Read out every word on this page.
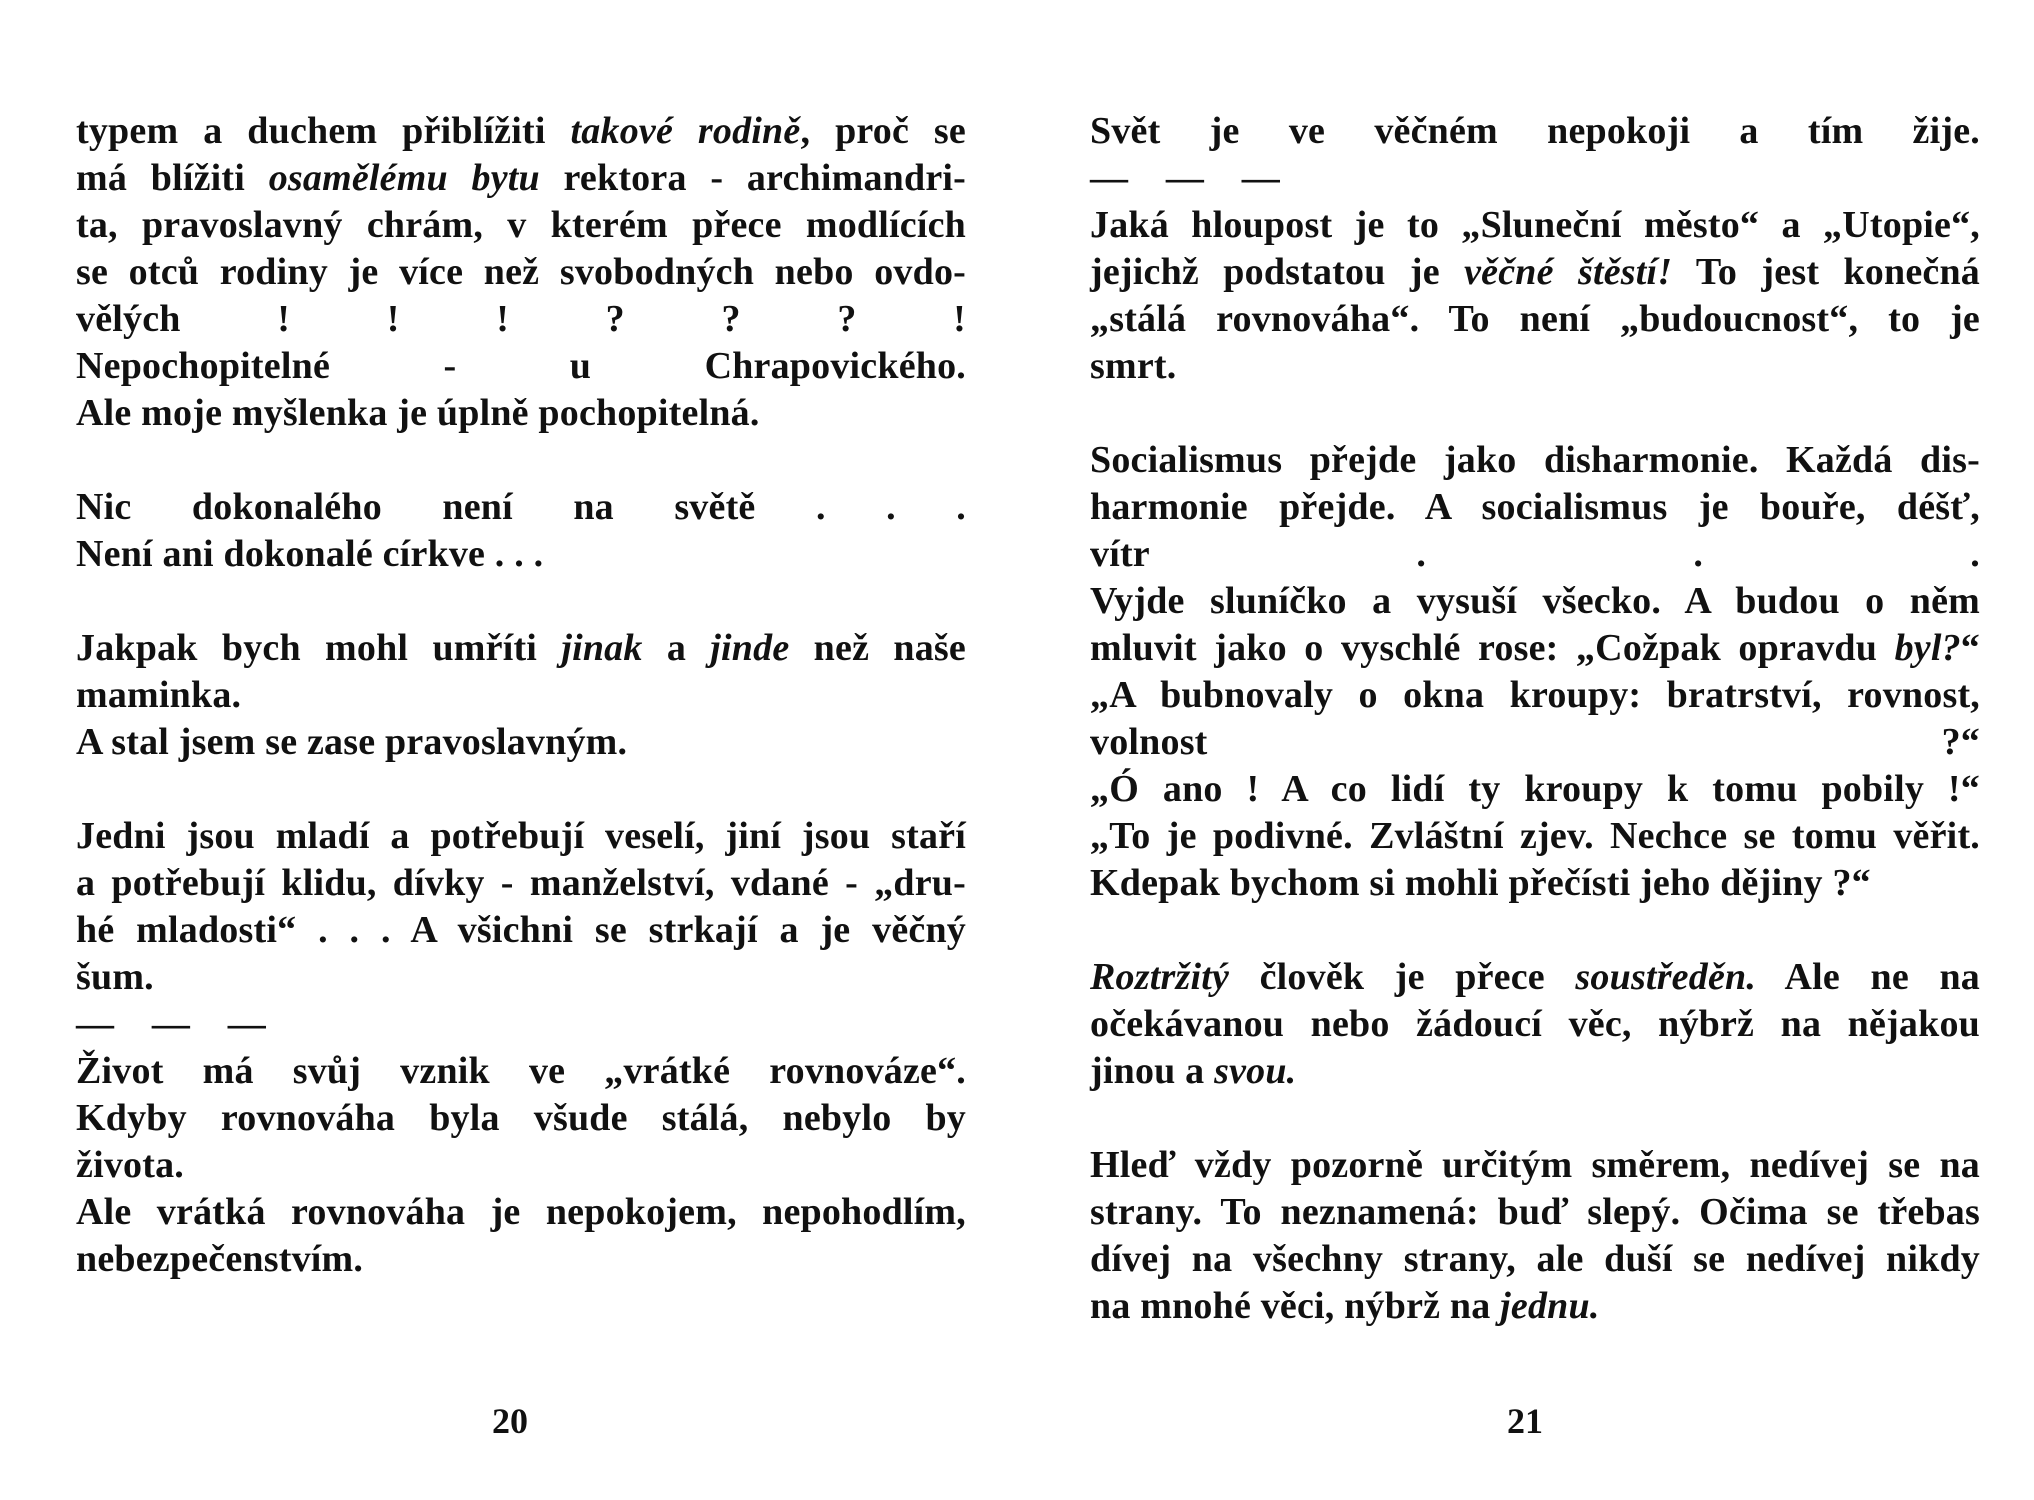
typem a duchem přiblížiti takové rodině, proč se
má blížiti osamělému bytu rektora - archimandri-
ta, pravoslavný chrám, v kterém přece modlících
se otců rodiny je více než svobodných nebo ovdo-
vělých ! ! ! ? ? ? !
Nepochopitelné - u Chrapovického.
Ale moje myšlenka je úplně pochopitelná.
Nic dokonalého není na světě . . .
Není ani dokonalé církve . . .
Jakpak bych mohl umříti jinak a jinde než naše
maminka.
A stal jsem se zase pravoslavným.
Jedni jsou mladí a potřebují veselí, jiní jsou staří
a potřebují klidu, dívky - manželství, vdané - „dru-
hé mladosti“ . . . A všichni se strkají a je věčný
šum.
— — —
Život má svůj vznik ve „vrátké rovnováze“.
Kdyby rovnováha byla všude stálá, nebylo by
života.
Ale vrátká rovnováha je nepokojem, nepohodlím,
nebezpečenstvím.
20
Svět je ve věčném nepokoji a tím žije.
— — —
Jaká hloupost je to „Sluneční město“ a „Utopie“,
jejichž podstatou je věčné štěstí! To jest konečná
„stálá rovnováha“. To není „budoucnost“, to je
smrt.
Socialismus přejde jako disharmonie. Každá dis-
harmonie přejde. A socialismus je bouře, déšť,
vítr . . .
Vyjde sluníčko a vysuší všecko. A budou o něm
mluvit jako o vyschlé rose: „Cožpak opravdu byl?“
„A bubnovaly o okna kroupy: bratrství, rovnost,
volnost ?“
„Ó ano ! A co lidí ty kroupy k tomu pobily !“
„To je podivné. Zvláštní zjev. Nechce se tomu věřit.
Kdepak bychom si mohli přečísti jeho dějiny ?“
Roztržitý člověk je přece soustředěn. Ale ne na
očekávanou nebo žádoucí věc, nýbrž na nějakou
jinou a svou.
Hleď vždy pozorně určitým směrem, nedívej se na
strany. To neznamená: buď slepý. Očima se třebas
dívej na všechny strany, ale duší se nedívej nikdy
na mnohé věci, nýbrž na jednu.
21
